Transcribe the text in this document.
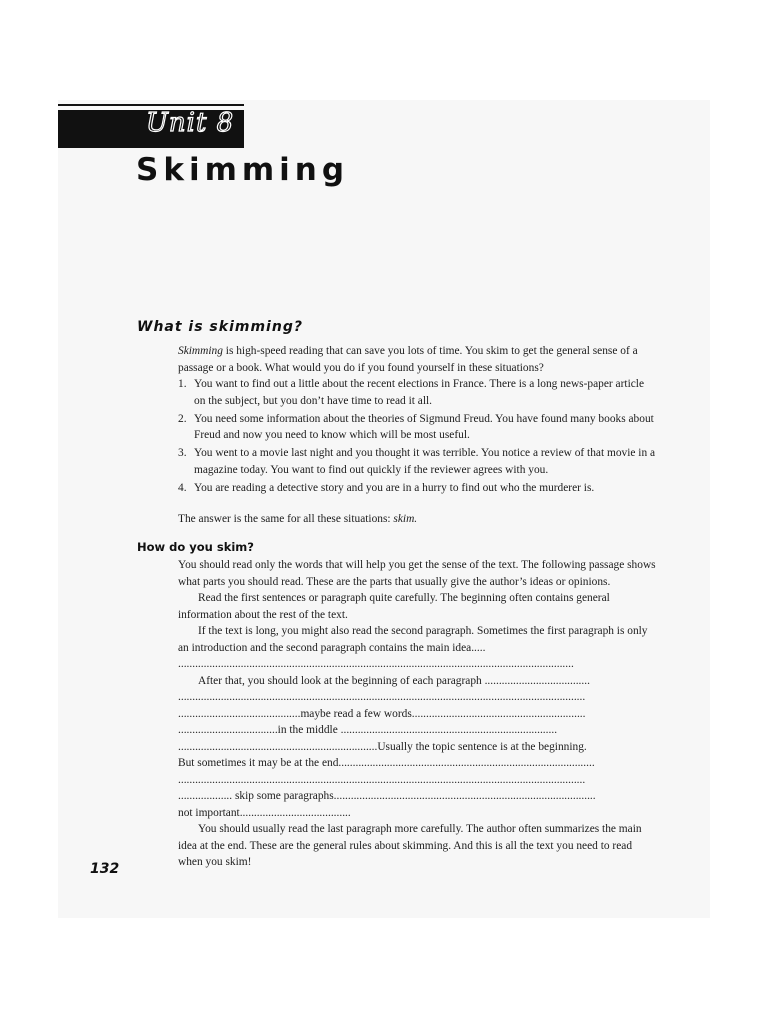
Unit 8
Skimming
What is skimming?

Skimming is high-speed reading that can save you lots of time. You skim to get the general sense of a passage or a book. What would you do if you found yourself in these situations?

1. You want to find out a little about the recent elections in France. There is a long news-paper article on the subject, but you don’t have time to read it all.
2. You need some information about the theories of Sigmund Freud. You have found many books about Freud and now you need to know which will be most useful.
3. You went to a movie last night and you thought it was terrible. You notice a review of that movie in a magazine today. You want to find out quickly if the reviewer agrees with you.
4. You are reading a detective story and you are in a hurry to find out who the murderer is.

The answer is the same for all these situations: skim.

How do you skim?

You should read only the words that will help you get the sense of the text. The following passage shows what parts you should read. These are the parts that usually give the author’s ideas or opinions.

Read the first sentences or paragraph quite carefully. The beginning often contains general information about the rest of the text.

If the text is long, you might also read the second paragraph. Sometimes the first paragraph is only an introduction and the second paragraph contains the main idea.....

...........................................................................................................................................

After that, you should look at the beginning of each paragraph .....................................

...............................................................................................................................................

...........................................maybe read a few words.............................................................

...................................in the middle ............................................................................

......................................................................Usually the topic sentence is at the beginning.

But sometimes it may be at the end..........................................................................................

...............................................................................................................................................

................... skip some paragraphs............................................................................................

not important.......................................

You should usually read the last paragraph more carefully. The author often summarizes the main idea at the end. These are the general rules about skimming. And this is all the text you need to read when you skim!

132
